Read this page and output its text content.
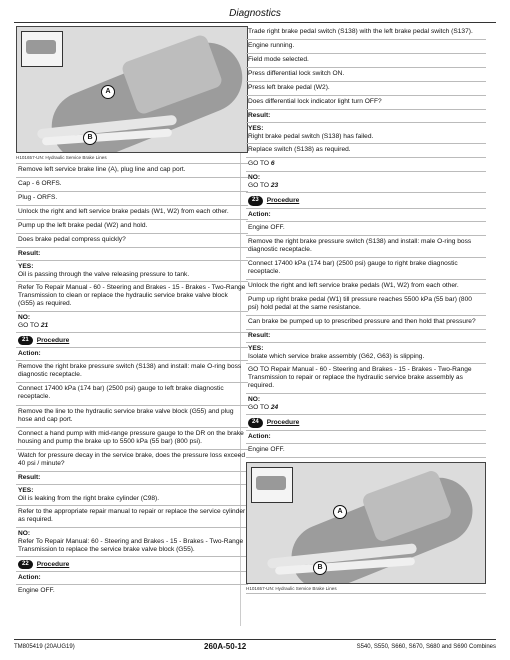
Diagnostics
A
B
H101657-UN: Hydraulic Service Brake Lines
Remove left service brake line (A), plug line and cap port.
Cap - 6 ORFS.
Plug - ORFS.
Unlock the right and left service brake pedals (W1, W2) from each other.
Pump up the left brake pedal (W2) and hold.
Does brake pedal compress quickly?
Result:
YES:
Oil is passing through the valve releasing pressure to tank.
Refer To Repair Manual - 60 - Steering and Brakes - 15 - Brakes - Two-Range Transmission to clean or replace the hydraulic service brake valve block (G55) as required.
NO:
GO TO 21
21	Procedure
Action:
Remove the right brake pressure switch (S138) and install: male O-ring boss diagnostic receptacle.
Connect 17400 kPa (174 bar) (2500 psi) gauge to left brake diagnostic receptacle.
Remove the line to the hydraulic service brake valve block (G55) and plug hose and cap port.
Connect a hand pump with mid-range pressure gauge to the DR on the brake housing and pump the brake up to 5500 kPa (55 bar) (800 psi).
Watch for pressure decay in the service brake, does the pressure loss exceed 40 psi / minute?
Result:
YES:
Oil is leaking from the right brake cylinder (C98).
Refer to the appropriate repair manual to repair or replace the service cylinder as required.
NO:
Refer To Repair Manual: 60 - Steering and Brakes - 15 - Brakes - Two-Range Transmission to replace the service brake valve block (G55).
22	Procedure
Action:
Engine OFF.
Trade right brake pedal switch (S138) with the left brake pedal switch (S137).
Engine running.
Field mode selected.
Press differential lock switch ON.
Press left brake pedal (W2).
Does differential lock indicator light turn OFF?
Result:
YES:
Right brake pedal switch (S138) has failed.
Replace switch (S138) as required.
GO TO 6
NO:
GO TO 23
23	Procedure
Action:
Engine OFF.
Remove the right brake pressure switch (S138) and install: male O-ring boss diagnostic receptacle.
Connect 17400 kPa (174 bar) (2500 psi) gauge to right brake diagnostic receptacle.
Unlock the right and left service brake pedals (W1, W2) from each other.
Pump up right brake pedal (W1) till pressure reaches 5500 kPa (55 bar) (800 psi) hold pedal at the same resistance.
Can brake be pumped up to prescribed pressure and then hold that pressure?
Result:
YES:
Isolate which service brake assembly (G62, G63) is slipping.
GO TO Repair Manual - 60 - Steering and Brakes - 15 - Brakes - Two-Range Transmission to repair or replace the hydraulic service brake assembly as required.
NO:
GO TO 24
24	Procedure
Action:
Engine OFF.
A
B
H101657-UN: Hydraulic Service Brake Lines
TM805419 (20AUG19)	260A-50-12	S540, S550, S660, S670, S680 and S690 Combines
